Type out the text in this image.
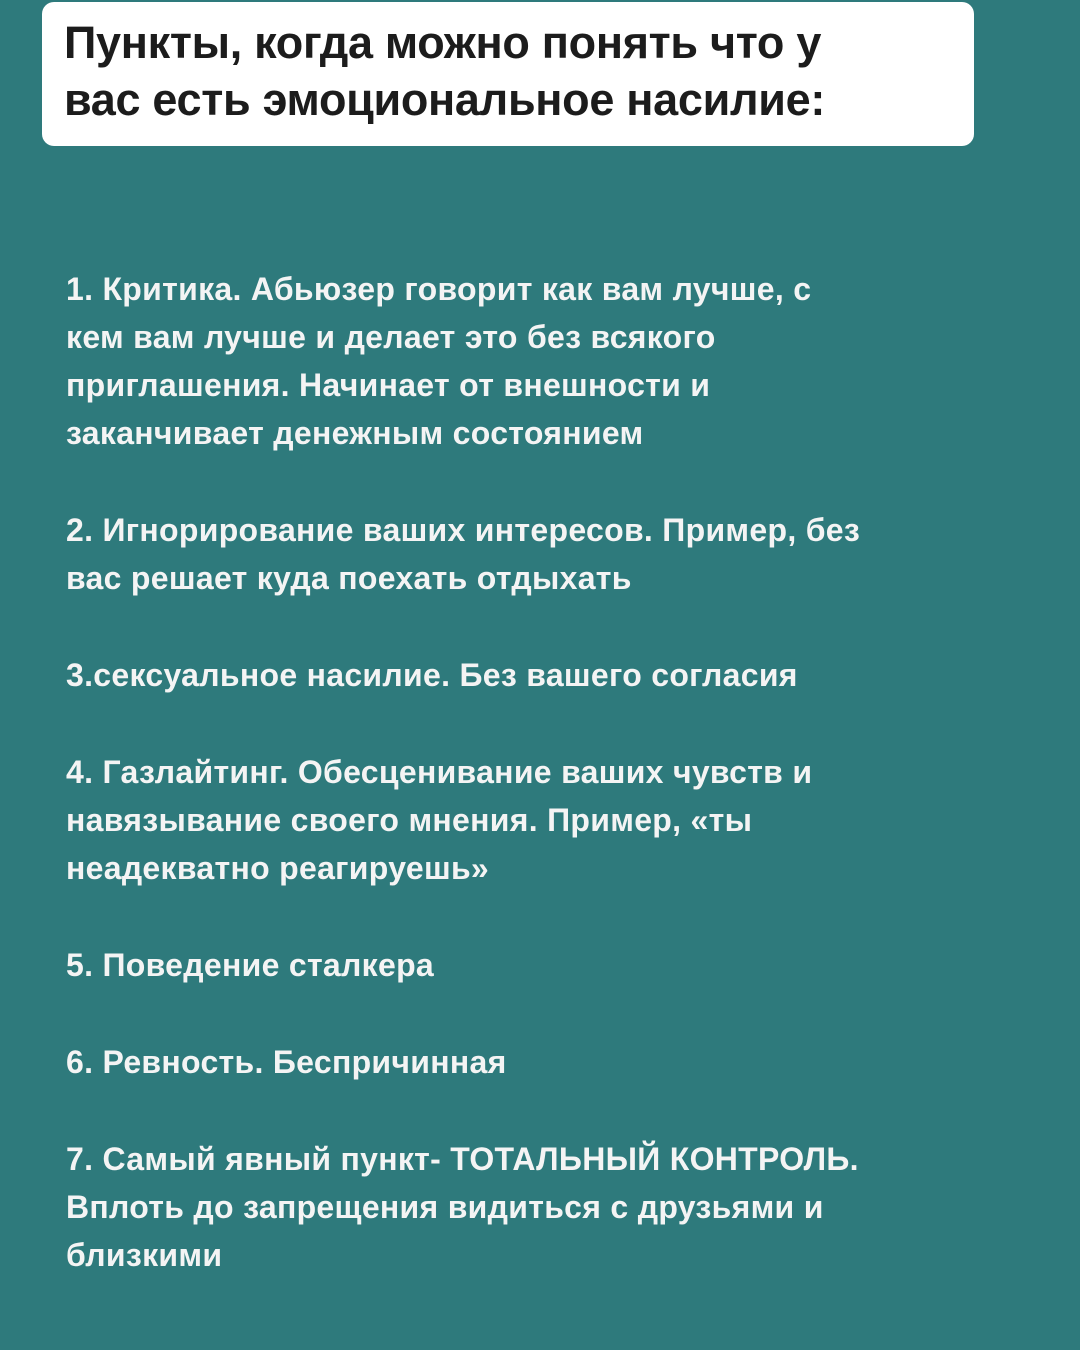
Пункты, когда можно понять что у
вас есть эмоциональное насилие:
1. Критика. Абьюзер говорит как вам лучше, с
кем вам лучше и делает это без всякого
приглашения. Начинает от внешности и
заканчивает денежным состоянием
2. Игнорирование ваших интересов. Пример, без
вас решает куда поехать отдыхать
3.сексуальное насилие. Без вашего согласия
4. Газлайтинг. Обесценивание ваших чувств и
навязывание своего мнения. Пример, «ты
неадекватно реагируешь»
5. Поведение сталкера
6. Ревность. Беспричинная
7. Самый явный пункт- ТОТАЛЬНЫЙ КОНТРОЛЬ.
Вплоть до запрещения видиться с друзьями и
близкими
